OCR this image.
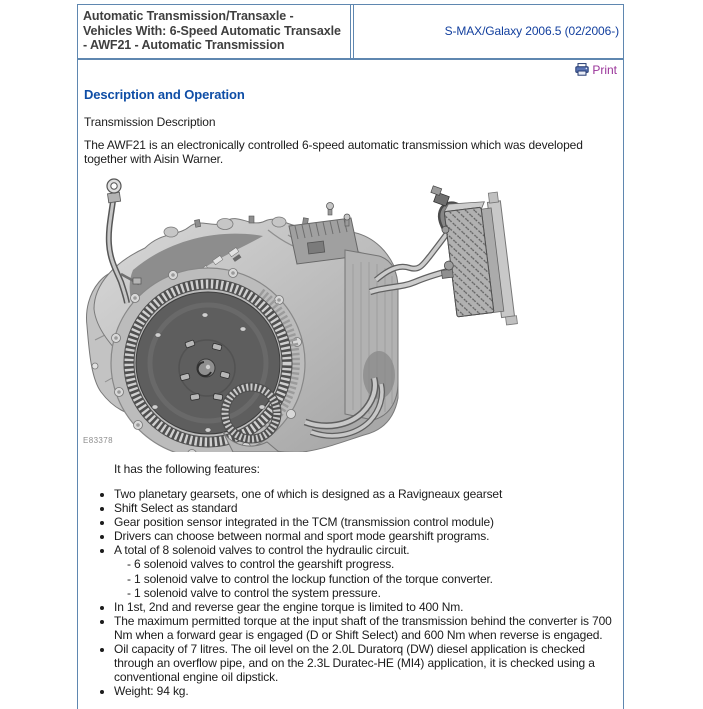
Automatic Transmission/Transaxle - Vehicles With: 6-Speed Automatic Transaxle - AWF21 - Automatic Transmission
S-MAX/Galaxy 2006.5 (02/2006-)
Print
Description and Operation
Transmission Description

The AWF21 is an electronically controlled 6-speed automatic transmission which was developed together with Aisin Warner.

E83378
It has the following features:
• Two planetary gearsets, one of which is designed as a Ravigneaux gearset
• Shift Select as standard
• Gear position sensor integrated in the TCM (transmission control module)
• Drivers can choose between normal and sport mode gearshift programs.
• A total of 8 solenoid valves to control the hydraulic circuit.
- 6 solenoid valves to control the gearshift progress.
- 1 solenoid valve to control the lockup function of the torque converter.
- 1 solenoid valve to control the system pressure.
• In 1st, 2nd and reverse gear the engine torque is limited to 400 Nm.
• The maximum permitted torque at the input shaft of the transmission behind the converter is 700 Nm when a forward gear is engaged (D or Shift Select) and 600 Nm when reverse is engaged.
• Oil capacity of 7 litres. The oil level on the 2.0L Duratorq (DW) diesel application is checked through an overflow pipe, and on the 2.3L Duratec-HE (MI4) application, it is checked using a conventional engine oil dipstick.
• Weight: 94 kg.
